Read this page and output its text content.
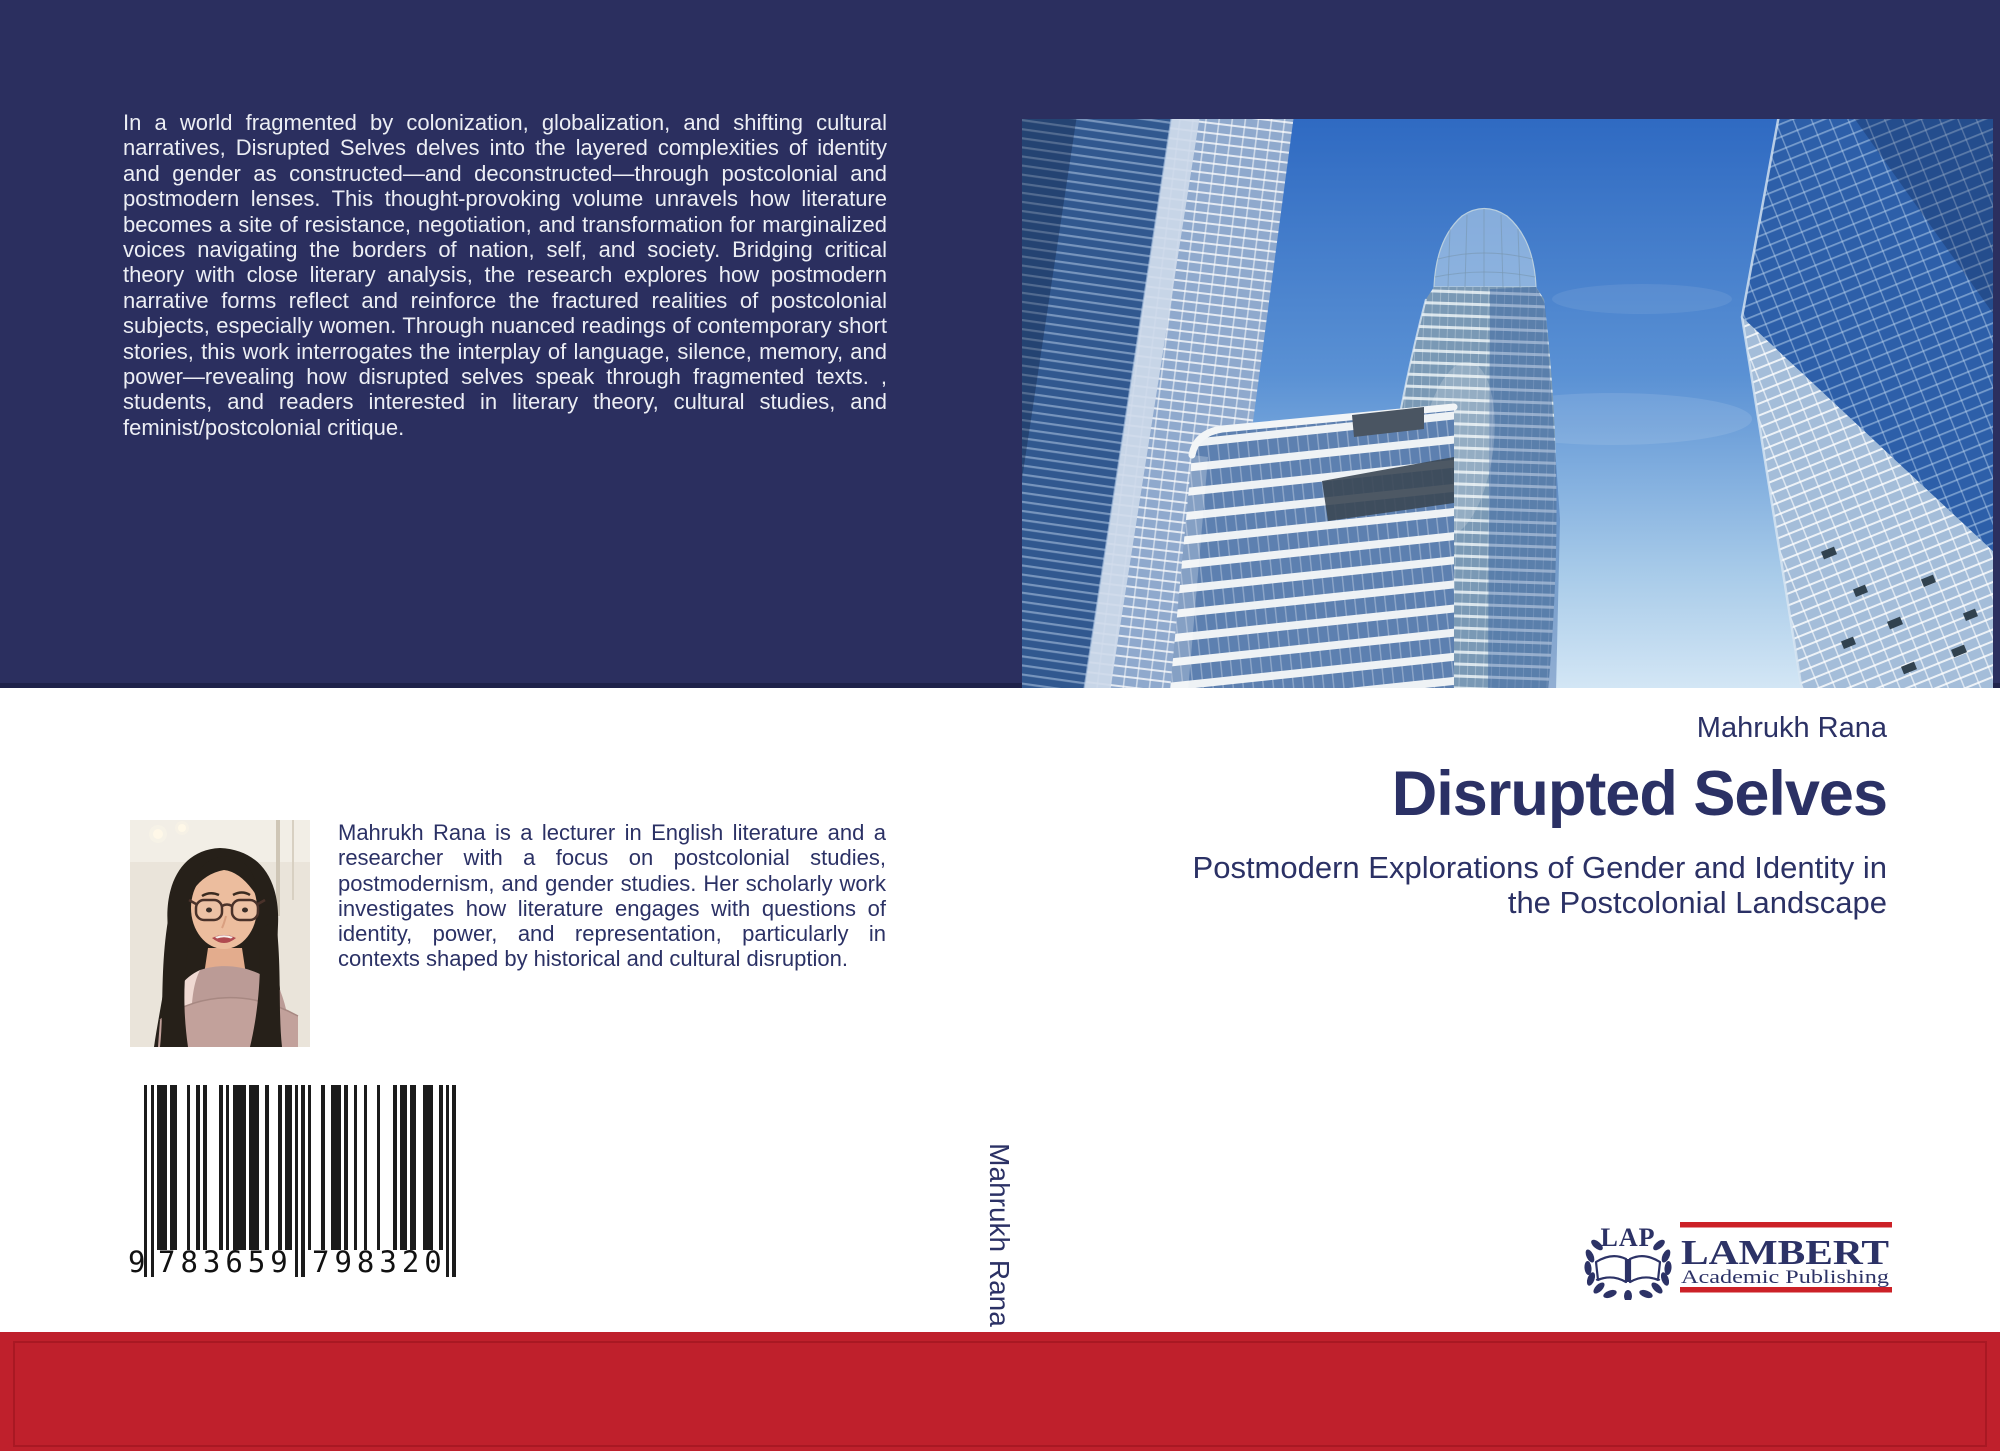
In a world fragmented by colonization, globalization, and shifting cultural narratives, Disrupted Selves delves into the layered complexities of identity and gender as constructed—and deconstructed—through postcolonial and postmodern lenses. This thought-provoking volume unravels how literature becomes a site of resistance, negotiation, and transformation for marginalized voices navigating the borders of nation, self, and society. Bridging critical theory with close literary analysis, the research explores how postmodern narrative forms reflect and reinforce the fractured realities of postcolonial subjects, especially women. Through nuanced readings of contemporary short stories, this work interrogates the interplay of language, silence, memory, and power—revealing how disrupted selves speak through fragmented texts. , students, and readers interested in literary theory, cultural studies, and feminist/postcolonial critique.
Mahrukh Rana
Disrupted Selves
Postmodern Explorations of Gender and Identity in
the Postcolonial Landscape
Mahrukh Rana
Mahrukh Rana is a lecturer in English literature and a researcher with a focus on postcolonial studies, postmodernism, and gender studies. Her scholarly work investigates how literature engages with questions of identity, power, and representation, particularly in contexts shaped by historical and cultural disruption.
9 783659 798320
LAP LAMBERT
Academic Publishing
